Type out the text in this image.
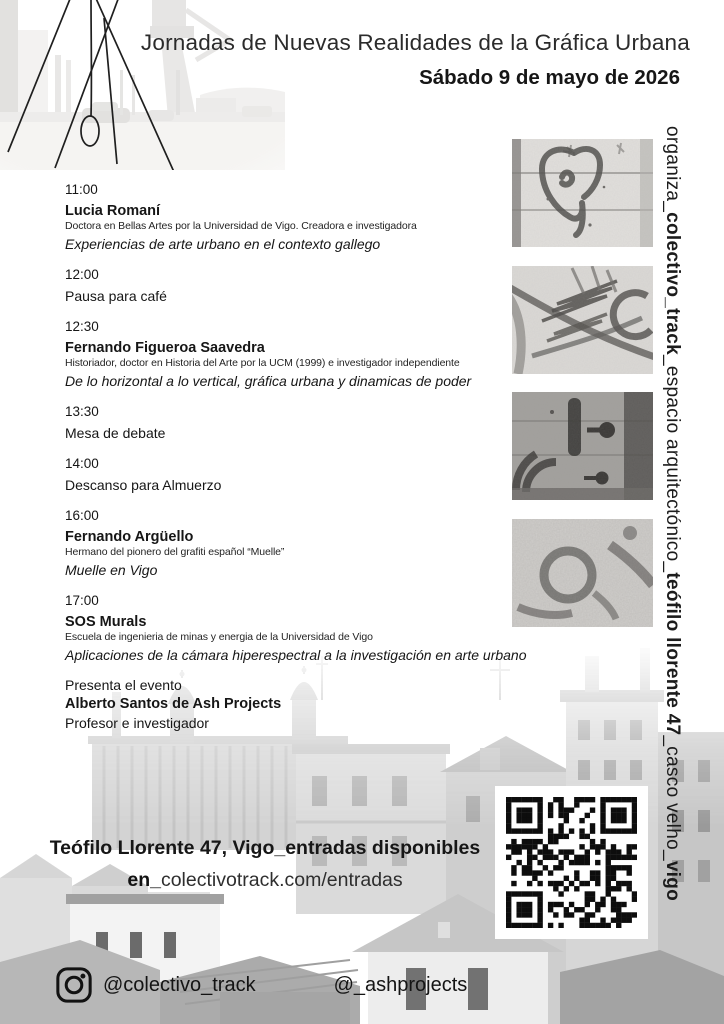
Jornadas de Nuevas Realidades de la Gráfica Urbana
Sábado 9 de mayo de 2026
11:00
Lucia Romaní
Doctora en Bellas Artes por la Universidad de Vigo. Creadora e investigadora
Experiencias de arte urbano en el contexto gallego
12:00
Pausa para café
12:30
Fernando Figueroa Saavedra
Historiador, doctor en Historia del Arte por la UCM (1999) e investigador independiente
De lo horizontal a lo vertical, gráfica urbana y dinamicas de poder
13:30
Mesa de debate
14:00
Descanso para Almuerzo
16:00
Fernando Argüello
Hermano del pionero del grafiti español “Muelle”
Muelle en Vigo
17:00
SOS Murals
Escuela de ingenieria de minas y energia de la Universidad de Vigo
Aplicaciones de la cámara hiperespectral a la investigación en arte urbano
Presenta el evento
Alberto Santos de Ash Projects
Profesor e investigador
organiza_colectivo_track_espacio arquitectónico_teófilo llorente 47_casco velho_vigo
Teófilo Llorente 47, Vigo_entradas disponibles
en_colectivotrack.com/entradas
@colectivo_track	@_ashprojects
